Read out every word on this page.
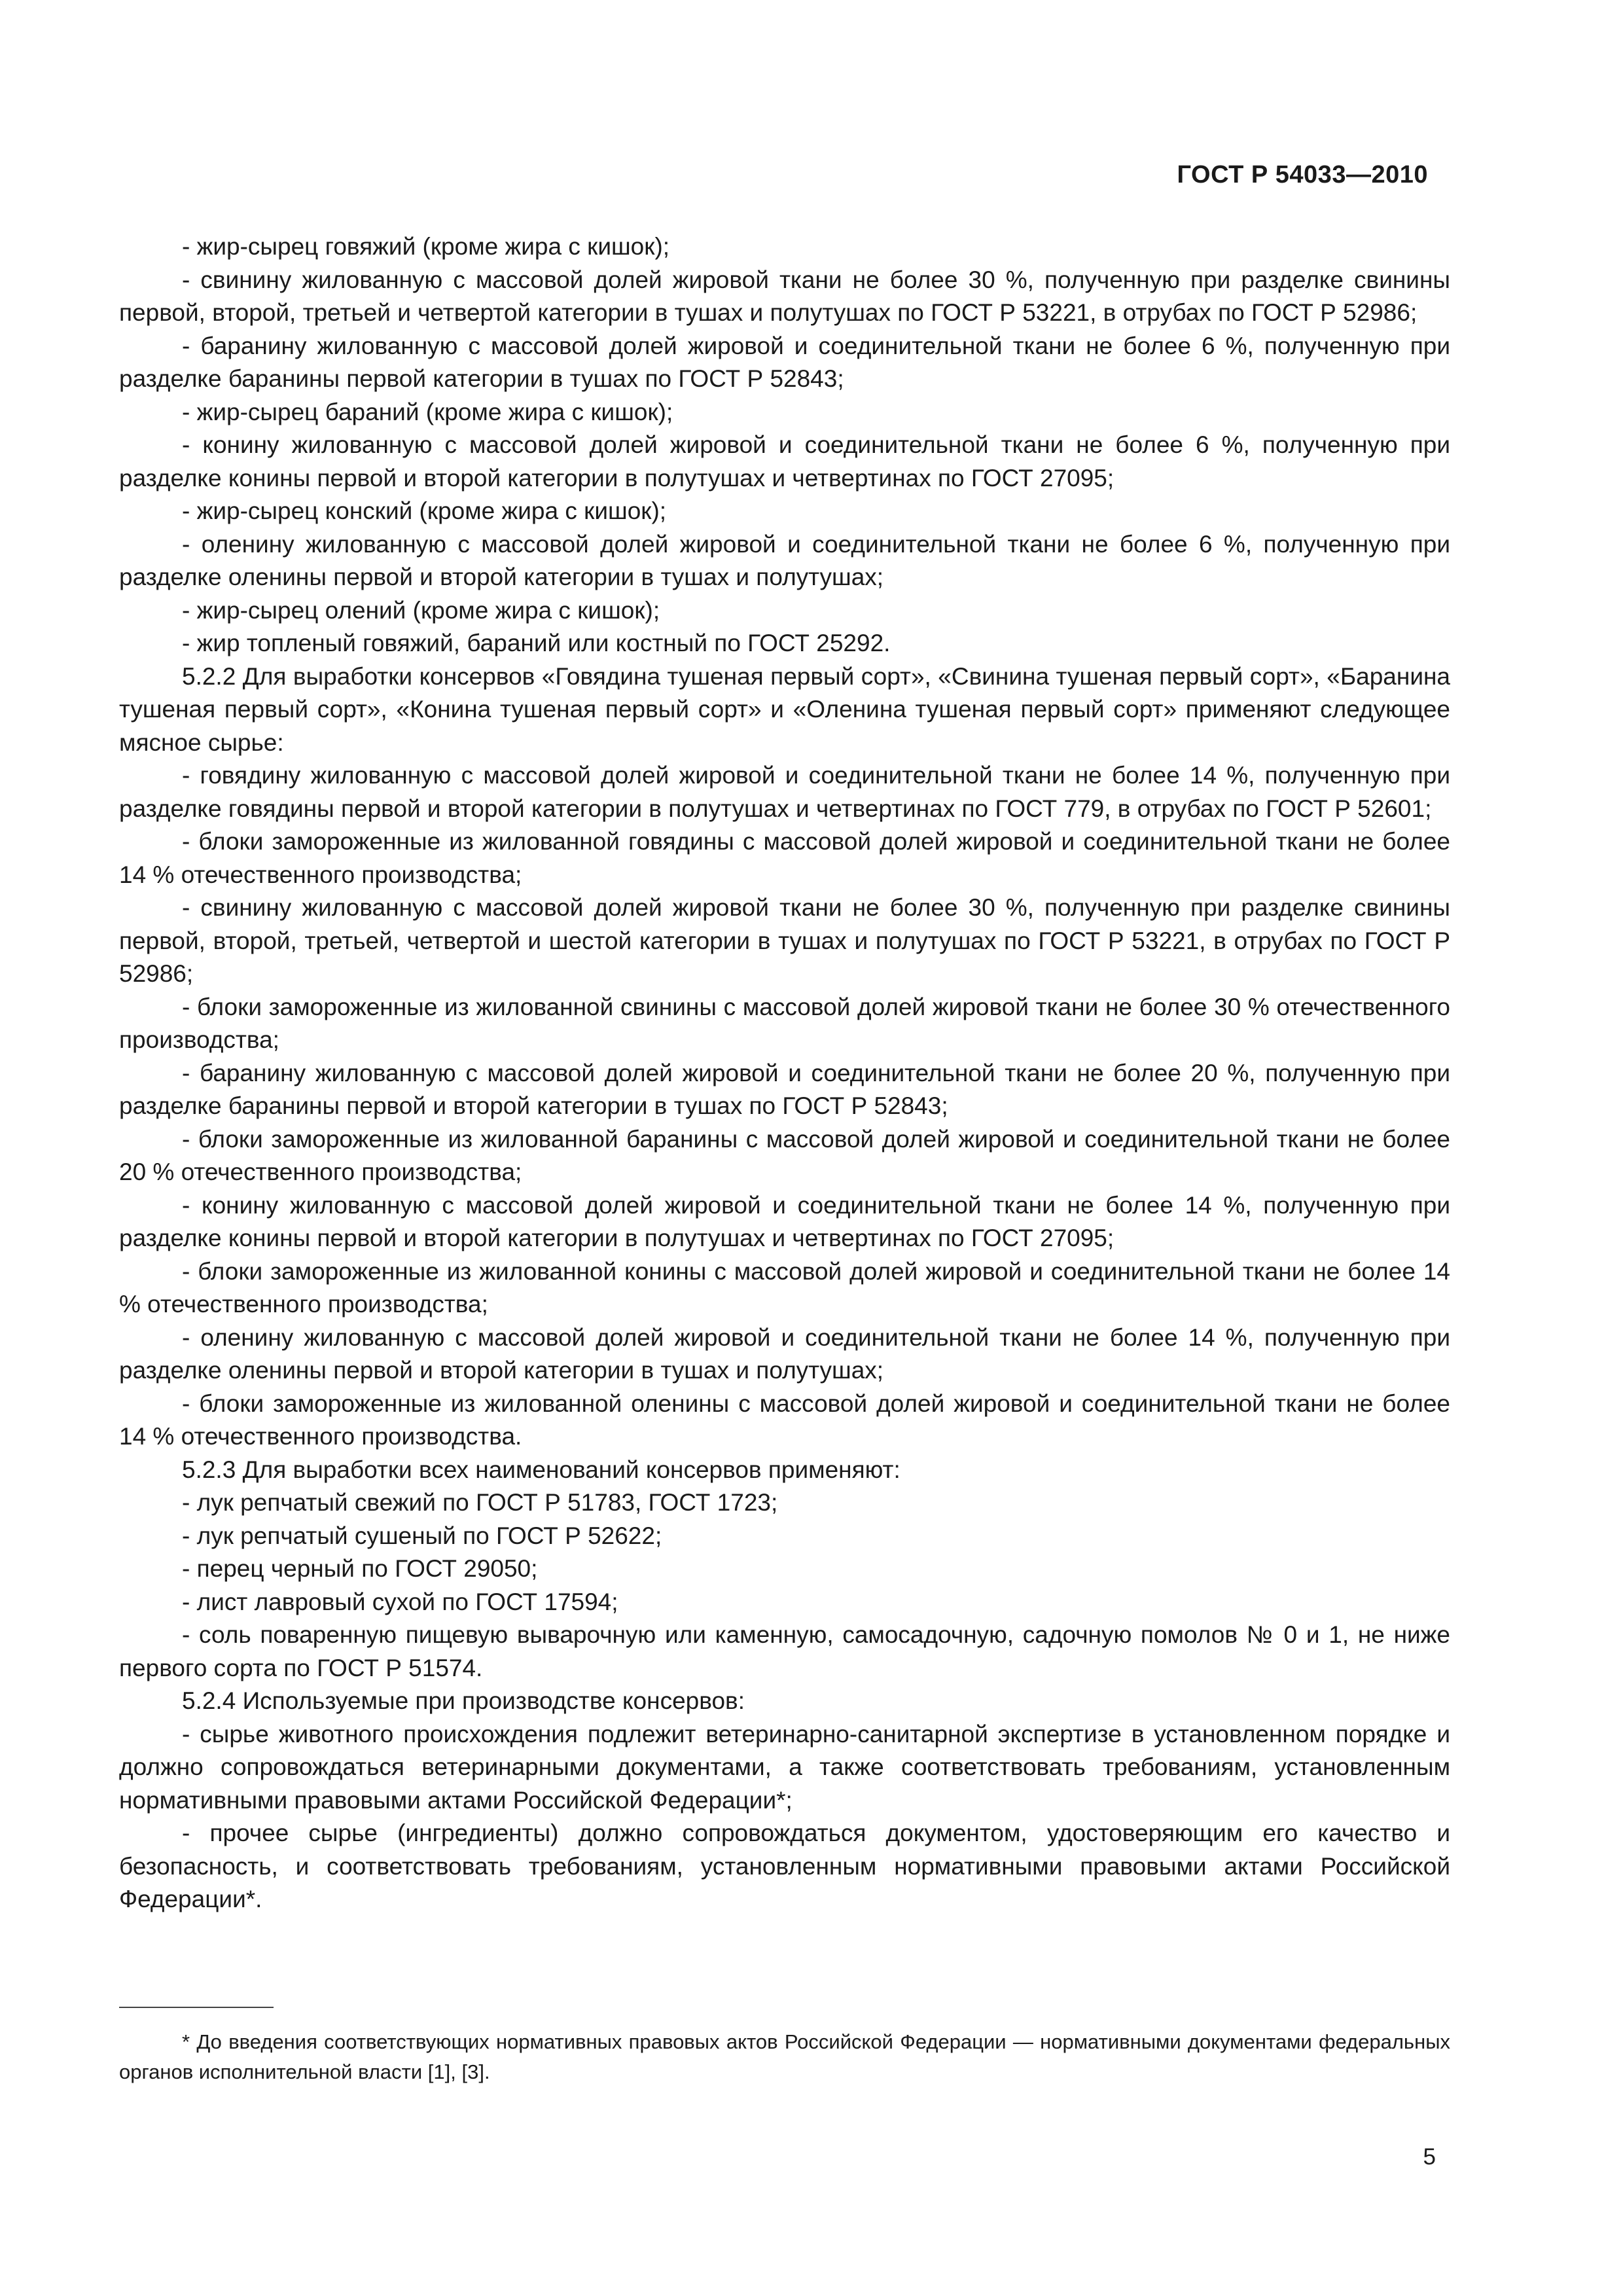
ГОСТ Р 54033—2010

- жир-сырец говяжий (кроме жира с кишок);

- свинину жилованную с массовой долей жировой ткани не более 30 %, полученную при разделке свинины первой, второй, третьей и четвертой категории в тушах и полутушах по ГОСТ Р 53221, в отрубах по ГОСТ Р 52986;

- баранину жилованную с массовой долей жировой и соединительной ткани не более 6 %, полученную при разделке баранины первой категории в тушах по ГОСТ Р 52843;

- жир-сырец бараний (кроме жира с кишок);

- конину жилованную с массовой долей жировой и соединительной ткани не более 6 %, полученную при разделке конины первой и второй категории в полутушах и четвертинах по ГОСТ 27095;

- жир-сырец конский (кроме жира с кишок);

- оленину жилованную с массовой долей жировой и соединительной ткани не более 6 %, полученную при разделке оленины первой и второй категории в тушах и полутушах;

- жир-сырец олений (кроме жира с кишок);

- жир топленый говяжий, бараний или костный по ГОСТ 25292.

5.2.2 Для выработки консервов «Говядина тушеная первый сорт», «Свинина тушеная первый сорт», «Баранина тушеная первый сорт», «Конина тушеная первый сорт» и «Оленина тушеная первый сорт» применяют следующее мясное сырье:

- говядину жилованную с массовой долей жировой и соединительной ткани не более 14 %, полученную при разделке говядины первой и второй категории в полутушах и четвертинах по ГОСТ 779, в отрубах по ГОСТ Р 52601;

- блоки замороженные из жилованной говядины с массовой долей жировой и соединительной ткани не более 14 % отечественного производства;

- свинину жилованную с массовой долей жировой ткани не более 30 %, полученную при разделке свинины первой, второй, третьей, четвертой и шестой категории в тушах и полутушах по ГОСТ Р 53221, в отрубах по ГОСТ Р 52986;

- блоки замороженные из жилованной свинины с массовой долей жировой ткани не более 30 % отечественного производства;

- баранину жилованную с массовой долей жировой и соединительной ткани не более 20 %, полученную при разделке баранины первой и второй категории в тушах по ГОСТ Р 52843;

- блоки замороженные из жилованной баранины с массовой долей жировой и соединительной ткани не более 20 % отечественного производства;

- конину жилованную с массовой долей жировой и соединительной ткани не более 14 %, полученную при разделке конины первой и второй категории в полутушах и четвертинах по ГОСТ 27095;

- блоки замороженные из жилованной конины с массовой долей жировой и соединительной ткани не более 14 % отечественного производства;

- оленину жилованную с массовой долей жировой и соединительной ткани не более 14 %, полученную при разделке оленины первой и второй категории в тушах и полутушах;

- блоки замороженные из жилованной оленины с массовой долей жировой и соединительной ткани не более 14 % отечественного производства.

5.2.3 Для выработки всех наименований консервов применяют:

- лук репчатый свежий по ГОСТ Р 51783, ГОСТ 1723;

- лук репчатый сушеный по ГОСТ Р 52622;

- перец черный по ГОСТ 29050;

- лист лавровый сухой по ГОСТ 17594;

- соль поваренную пищевую выварочную или каменную, самосадочную, садочную помолов № 0 и 1, не ниже первого сорта по ГОСТ Р 51574.

5.2.4 Используемые при производстве консервов:

- сырье животного происхождения подлежит ветеринарно-санитарной экспертизе в установленном порядке и должно сопровождаться ветеринарными документами, а также соответствовать требованиям, установленным нормативными правовыми актами Российской Федерации*;

- прочее сырье (ингредиенты) должно сопровождаться документом, удостоверяющим его качество и безопасность, и соответствовать требованиям, установленным нормативными правовыми актами Российской Федерации*.

* До введения соответствующих нормативных правовых актов Российской Федерации — нормативными документами федеральных органов исполнительной власти [1], [3].

5
